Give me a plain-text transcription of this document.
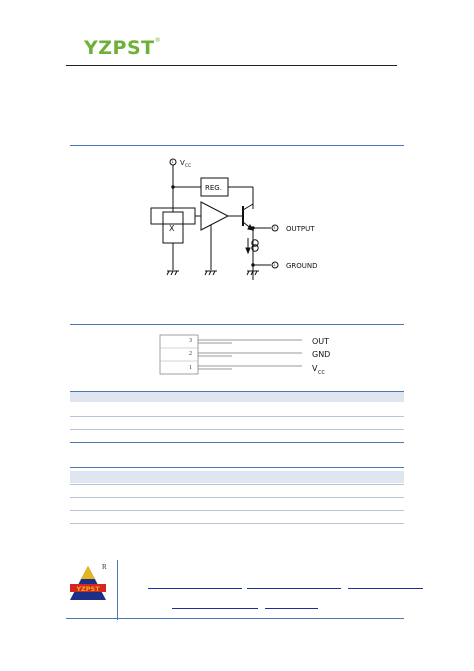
YZPST®
V CC
REG.
X	OUTPUT
GROUND
1
3
2
3
2
1
OUT
GND
V CC
R
YZPST
